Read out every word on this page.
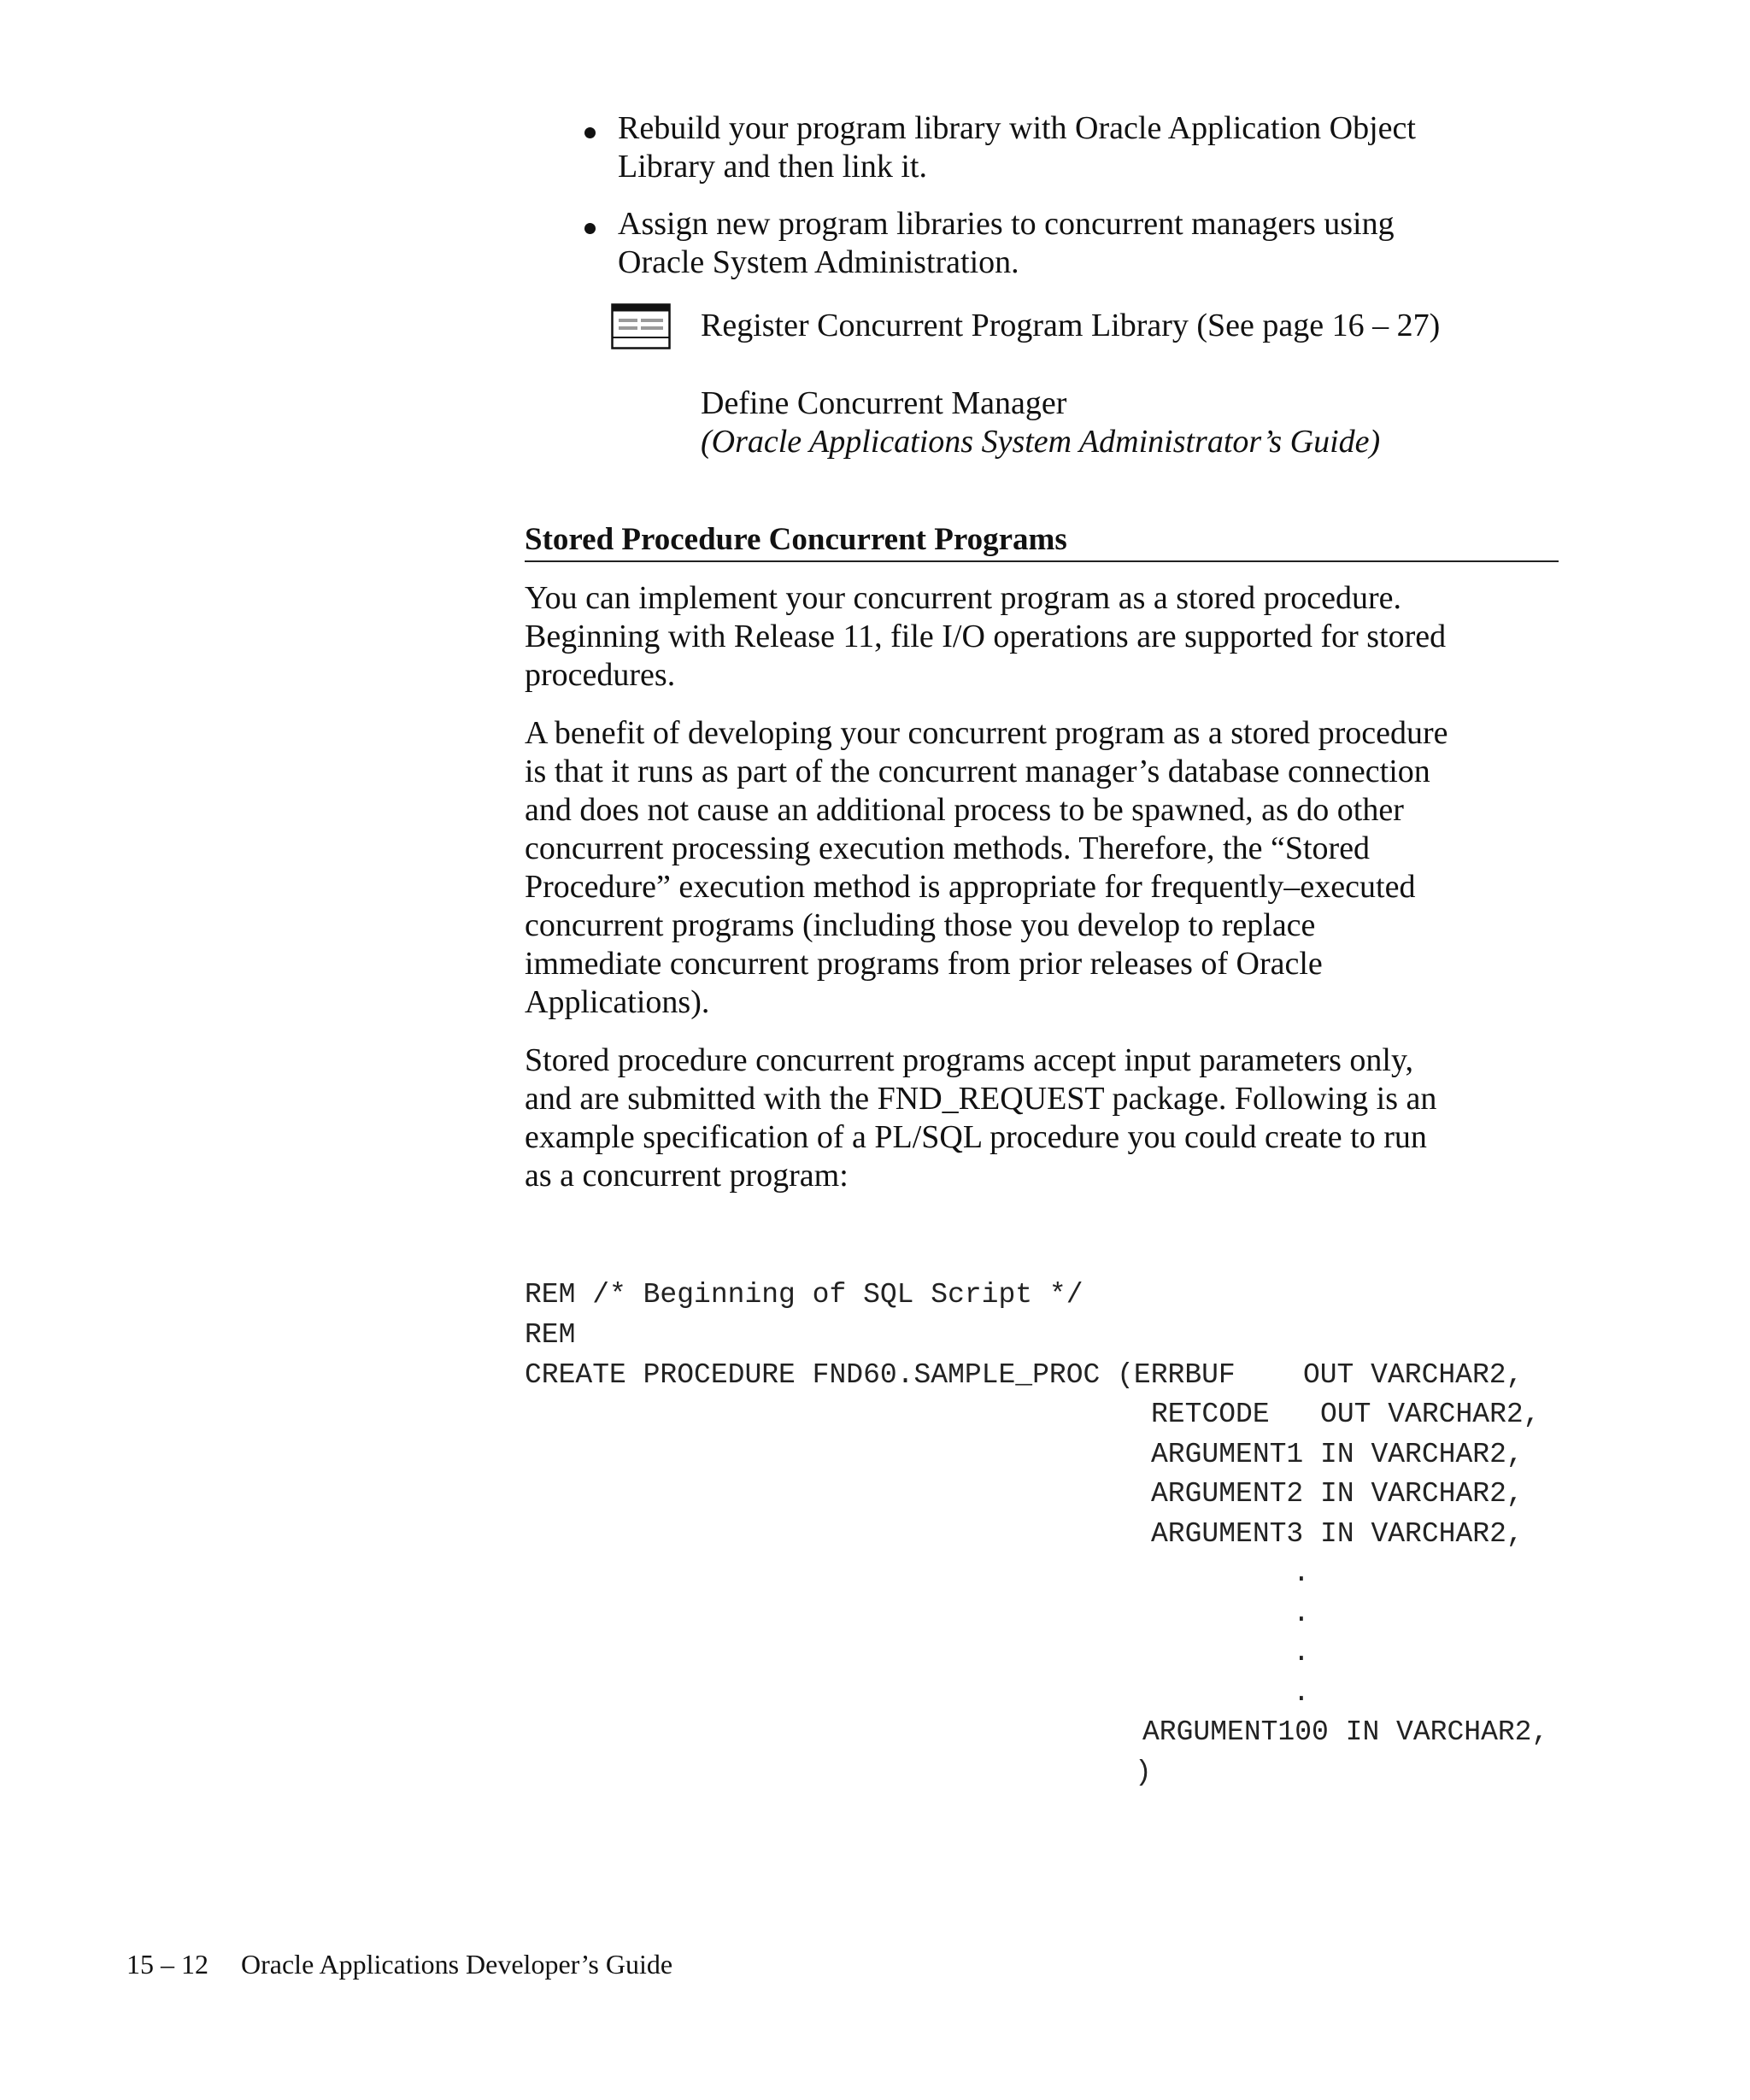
Rebuild your program library with Oracle Application Object
Library and then link it.
Assign new program libraries to concurrent managers using
Oracle System Administration.
Register Concurrent Program Library (See page 16 – 27)
Define Concurrent Manager
(Oracle Applications System Administrator’s Guide)
Stored Procedure Concurrent Programs
You can implement your concurrent program as a stored procedure.
Beginning with Release 11, file I/O operations are supported for stored
procedures.
A benefit of developing your concurrent program as a stored procedure
is that it runs as part of the concurrent manager’s database connection
and does not cause an additional process to be spawned, as do other
concurrent processing execution methods. Therefore, the “Stored
Procedure” execution method is appropriate for frequently–executed
concurrent programs (including those you develop to replace
immediate concurrent programs from prior releases of Oracle
Applications).
Stored procedure concurrent programs accept input parameters only,
and are submitted with the FND_REQUEST package. Following is an
example specification of a PL/SQL procedure you could create to run
as a concurrent program:
REM /* Beginning of SQL Script */
REM
CREATE PROCEDURE FND60.SAMPLE_PROC (ERRBUF    OUT VARCHAR2,
RETCODE   OUT VARCHAR2,
ARGUMENT1 IN VARCHAR2,
ARGUMENT2 IN VARCHAR2,
ARGUMENT3 IN VARCHAR2,
.
.
.
.
ARGUMENT100 IN VARCHAR2,
)
15 – 12 Oracle Applications Developer’s Guide
